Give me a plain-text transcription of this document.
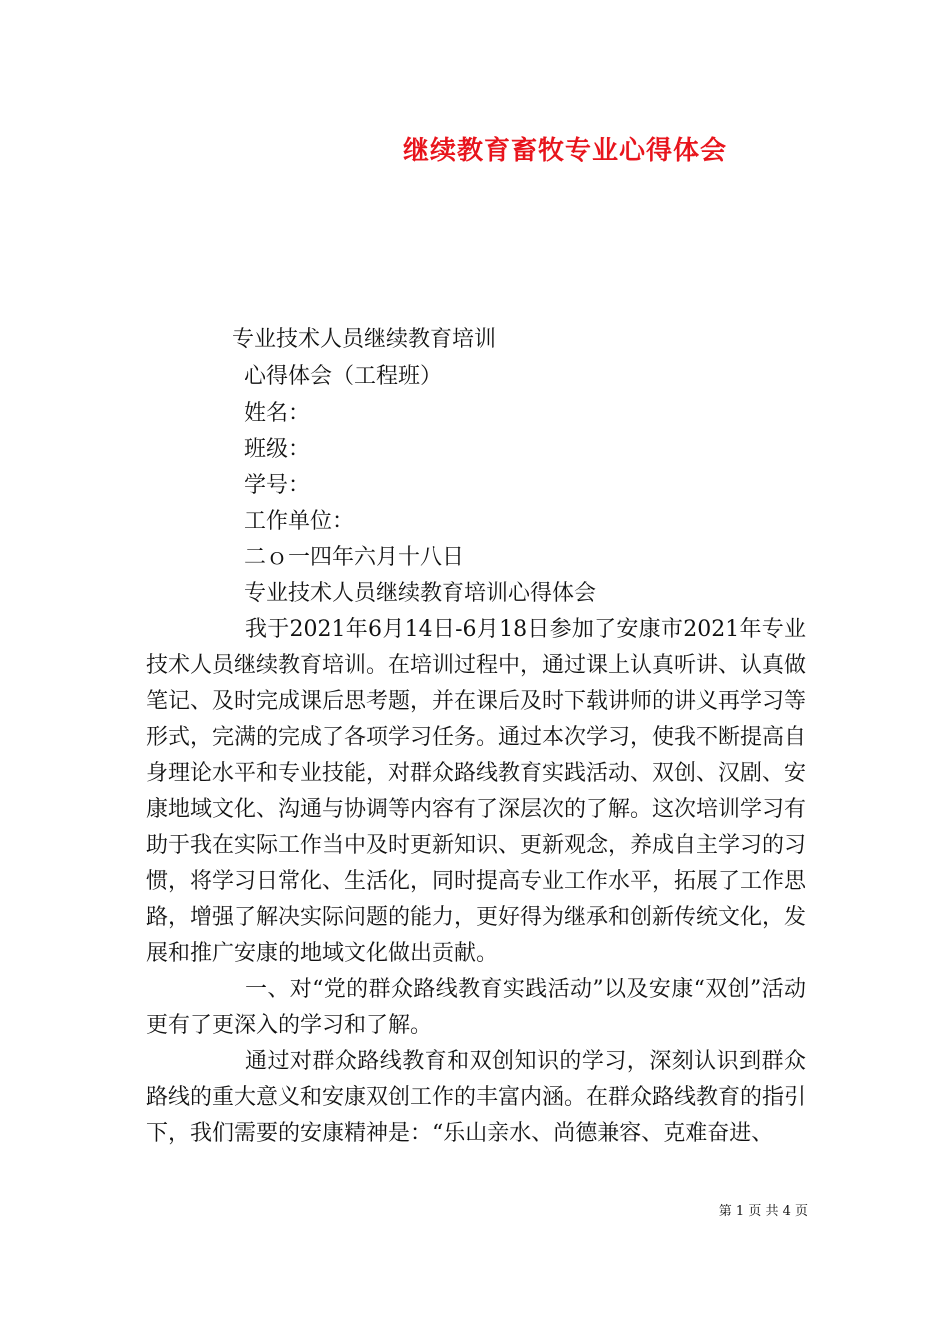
继续教育畜牧专业心得体会
专业技术人员继续教育培训
心得体会（工程班）
姓名：
班级：
学号：
工作单位：
二ｏ一四年六月十八日
专业技术人员继续教育培训心得体会

我于2021年6月14日-6月18日参加了安康市2021年专业技术人员继续教育培训。在培训过程中，通过课上认真听讲、认真做笔记、及时完成课后思考题，并在课后及时下载讲师的讲义再学习等形式，完满的完成了各项学习任务。通过本次学习，使我不断提高自身理论水平和专业技能，对群众路线教育实践活动、双创、汉剧、安康地域文化、沟通与协调等内容有了深层次的了解。这次培训学习有助于我在实际工作当中及时更新知识、更新观念，养成自主学习的习惯，将学习日常化、生活化，同时提高专业工作水平，拓展了工作思路，增强了解决实际问题的能力，更好得为继承和创新传统文化，发展和推广安康的地域文化做出贡献。

一、对“党的群众路线教育实践活动”以及安康“双创”活动更有了更深入的学习和了解。

通过对群众路线教育和双创知识的学习，深刻认识到群众路线的重大意义和安康双创工作的丰富内涵。在群众路线教育的指引下，我们需要的安康精神是：“乐山亲水、尚德兼容、克难奋进、

第 1 页 共 4 页
